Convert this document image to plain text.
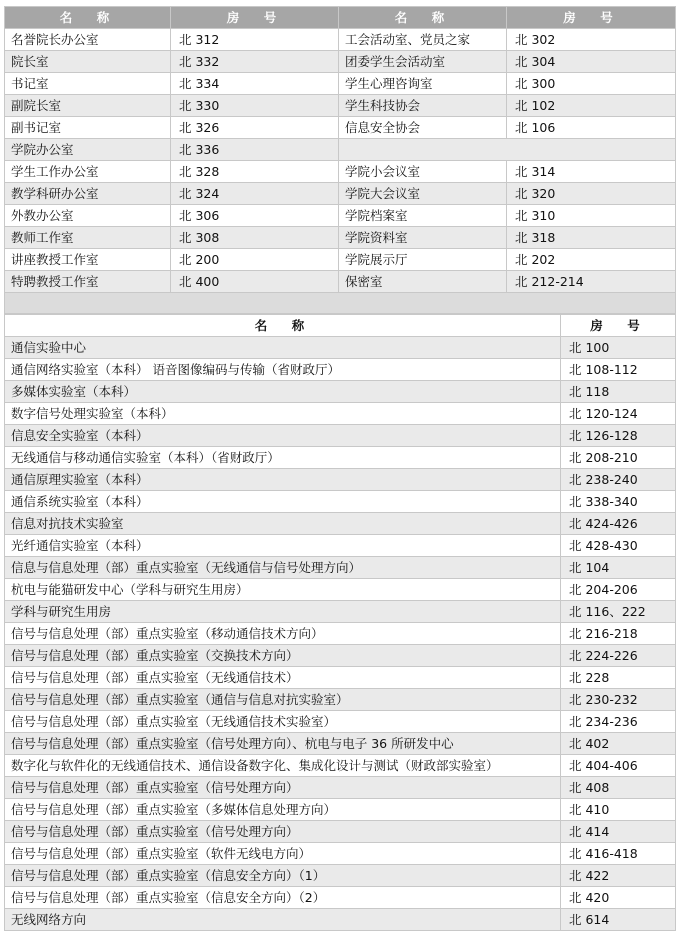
名　称	房　号	名　称	房　号
名誉院长办公室	北 312	工会活动室、党员之家	北 302
院长室	北 332	团委学生会活动室	北 304
书记室	北 334	学生心理咨询室	北 300
副院长室	北 330	学生科技协会	北 102
副书记室	北 326	信息安全协会	北 106
学院办公室	北 336		
学生工作办公室	北 328	学院小会议室	北 314
教学科研办公室	北 324	学院大会议室	北 320
外教办公室	北 306	学院档案室	北 310
教师工作室	北 308	学院资料室	北 318
讲座教授工作室	北 200	学院展示厅	北 202
特聘教授工作室	北 400	保密室	北 212-214

名　称	房　号
通信实验中心	北 100
通信网络实验室（本科） 语音图像编码与传输（省财政厅）	北 108-112
多媒体实验室（本科）	北 118
数字信号处理实验室（本科）	北 120-124
信息安全实验室（本科）	北 126-128
无线通信与移动通信实验室（本科）（省财政厅）	北 208-210
通信原理实验室（本科）	北 238-240
通信系统实验室（本科）	北 338-340
信息对抗技术实验室	北 424-426
光纤通信实验室（本科）	北 428-430
信息与信息处理（部）重点实验室（无线通信与信号处理方向）	北 104
杭电与能猫研发中心（学科与研究生用房）	北 204-206
学科与研究生用房	北 116、222
信号与信息处理（部）重点实验室（移动通信技术方向）	北 216-218
信号与信息处理（部）重点实验室（交换技术方向）	北 224-226
信号与信息处理（部）重点实验室（无线通信技术）	北 228
信号与信息处理（部）重点实验室（通信与信息对抗实验室）	北 230-232
信号与信息处理（部）重点实验室（无线通信技术实验室）	北 234-236
信号与信息处理（部）重点实验室（信号处理方向）、杭电与电子 36 所研发中心	北 402
数字化与软件化的无线通信技术、通信设备数字化、集成化设计与测试（财政部实验室）	北 404-406
信号与信息处理（部）重点实验室（信号处理方向）	北 408
信号与信息处理（部）重点实验室（多媒体信息处理方向）	北 410
信号与信息处理（部）重点实验室（信号处理方向）	北 414
信号与信息处理（部）重点实验室（软件无线电方向）	北 416-418
信号与信息处理（部）重点实验室（信息安全方向）（1）	北 422
信号与信息处理（部）重点实验室（信息安全方向）（2）	北 420
无线网络方向	北 614
